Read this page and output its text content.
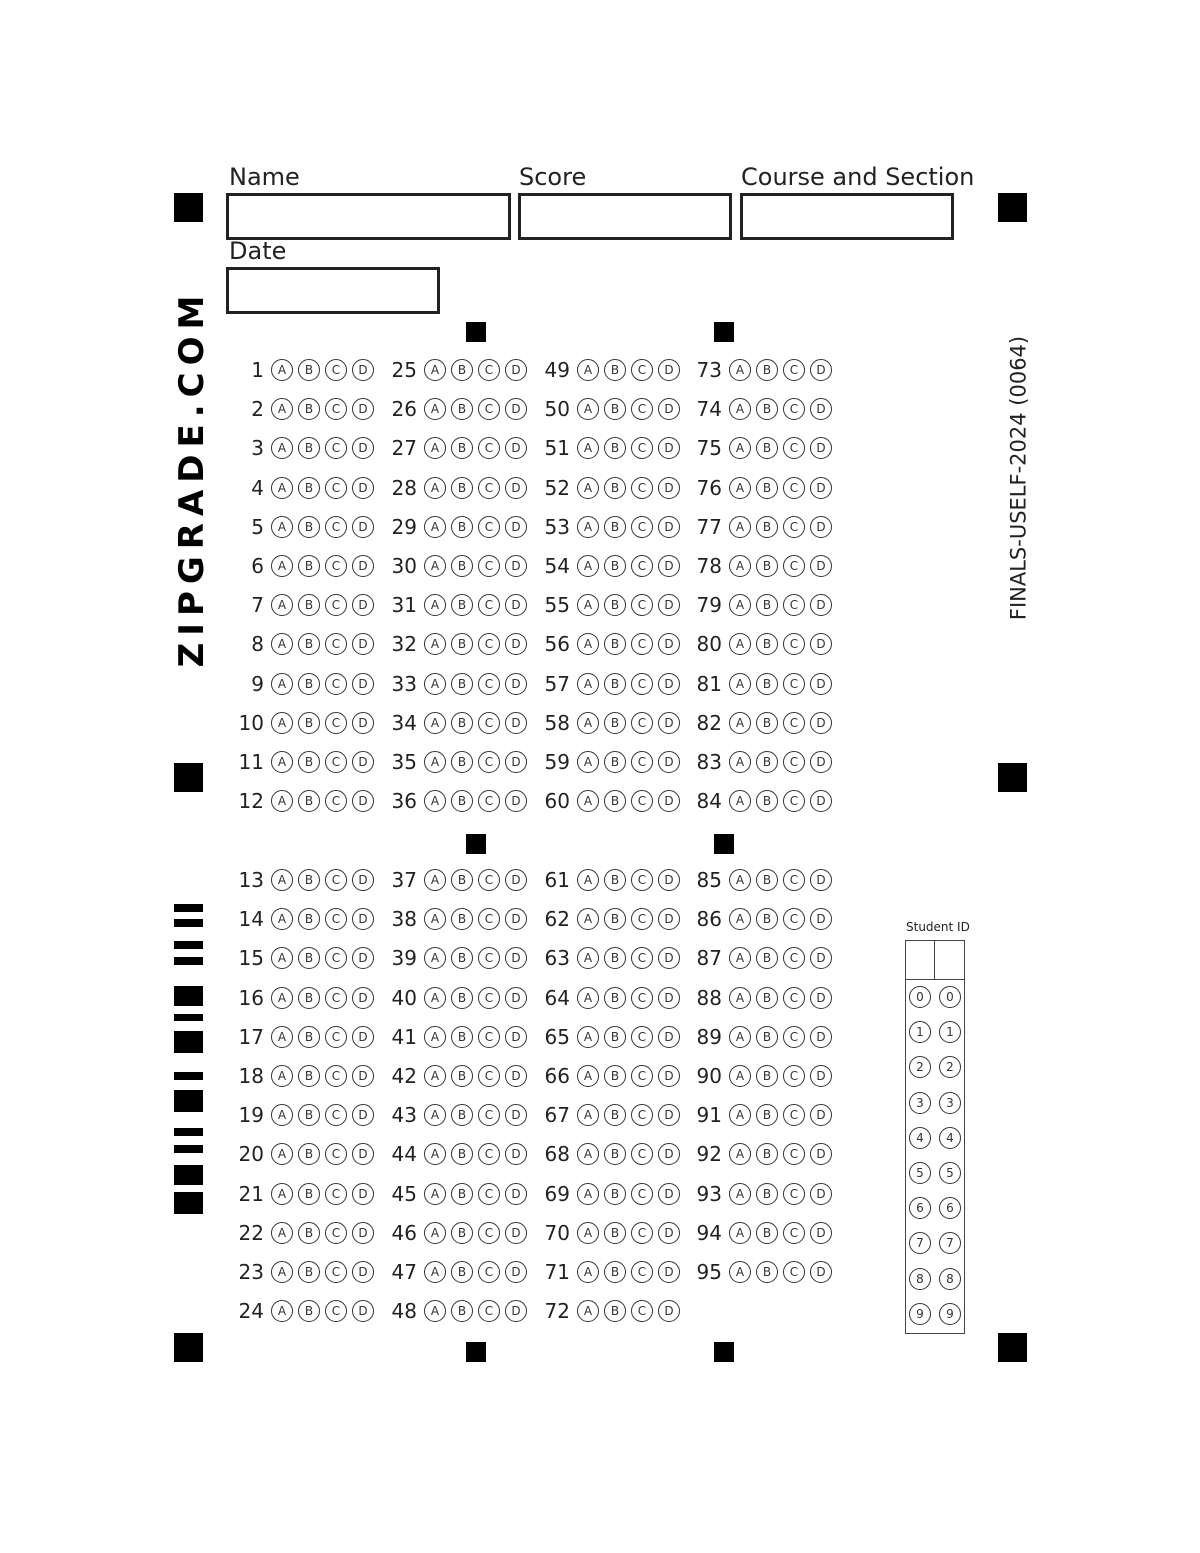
Name	Score	Course and Section
Date
ZIPGRADE.COM	FINALS-USELF-2024 (0064)
1	A	B	C	D
2	A	B	C	D
3	A	B	C	D
4	A	B	C	D
5	A	B	C	D
6	A	B	C	D
7	A	B	C	D
8	A	B	C	D
9	A	B	C	D
10	A	B	C	D
11	A	B	C	D
12	A	B	C	D
13	A	B	C	D
14	A	B	C	D
15	A	B	C	D
16	A	B	C	D
17	A	B	C	D
18	A	B	C	D
19	A	B	C	D
20	A	B	C	D
21	A	B	C	D
22	A	B	C	D
23	A	B	C	D
24	A	B	C	D
25	A	B	C	D
26	A	B	C	D
27	A	B	C	D
28	A	B	C	D
29	A	B	C	D
30	A	B	C	D
31	A	B	C	D
32	A	B	C	D
33	A	B	C	D
34	A	B	C	D
35	A	B	C	D
36	A	B	C	D
37	A	B	C	D
38	A	B	C	D
39	A	B	C	D
40	A	B	C	D
41	A	B	C	D
42	A	B	C	D
43	A	B	C	D
44	A	B	C	D
45	A	B	C	D
46	A	B	C	D
47	A	B	C	D
48	A	B	C	D
49	A	B	C	D
50	A	B	C	D
51	A	B	C	D
52	A	B	C	D
53	A	B	C	D
54	A	B	C	D
55	A	B	C	D
56	A	B	C	D
57	A	B	C	D
58	A	B	C	D
59	A	B	C	D
60	A	B	C	D
61	A	B	C	D
62	A	B	C	D
63	A	B	C	D
64	A	B	C	D
65	A	B	C	D
66	A	B	C	D
67	A	B	C	D
68	A	B	C	D
69	A	B	C	D
70	A	B	C	D
71	A	B	C	D
72	A	B	C	D
73	A	B	C	D
74	A	B	C	D
75	A	B	C	D
76	A	B	C	D
77	A	B	C	D
78	A	B	C	D
79	A	B	C	D
80	A	B	C	D
81	A	B	C	D
82	A	B	C	D
83	A	B	C	D
84	A	B	C	D
85	A	B	C	D
86	A	B	C	D
87	A	B	C	D
88	A	B	C	D
89	A	B	C	D
90	A	B	C	D
91	A	B	C	D
92	A	B	C	D
93	A	B	C	D
94	A	B	C	D
95	A	B	C	D
Student ID
0	0
1	1
2	2
3	3
4	4
5	5
6	6
7	7
8	8
9	9
